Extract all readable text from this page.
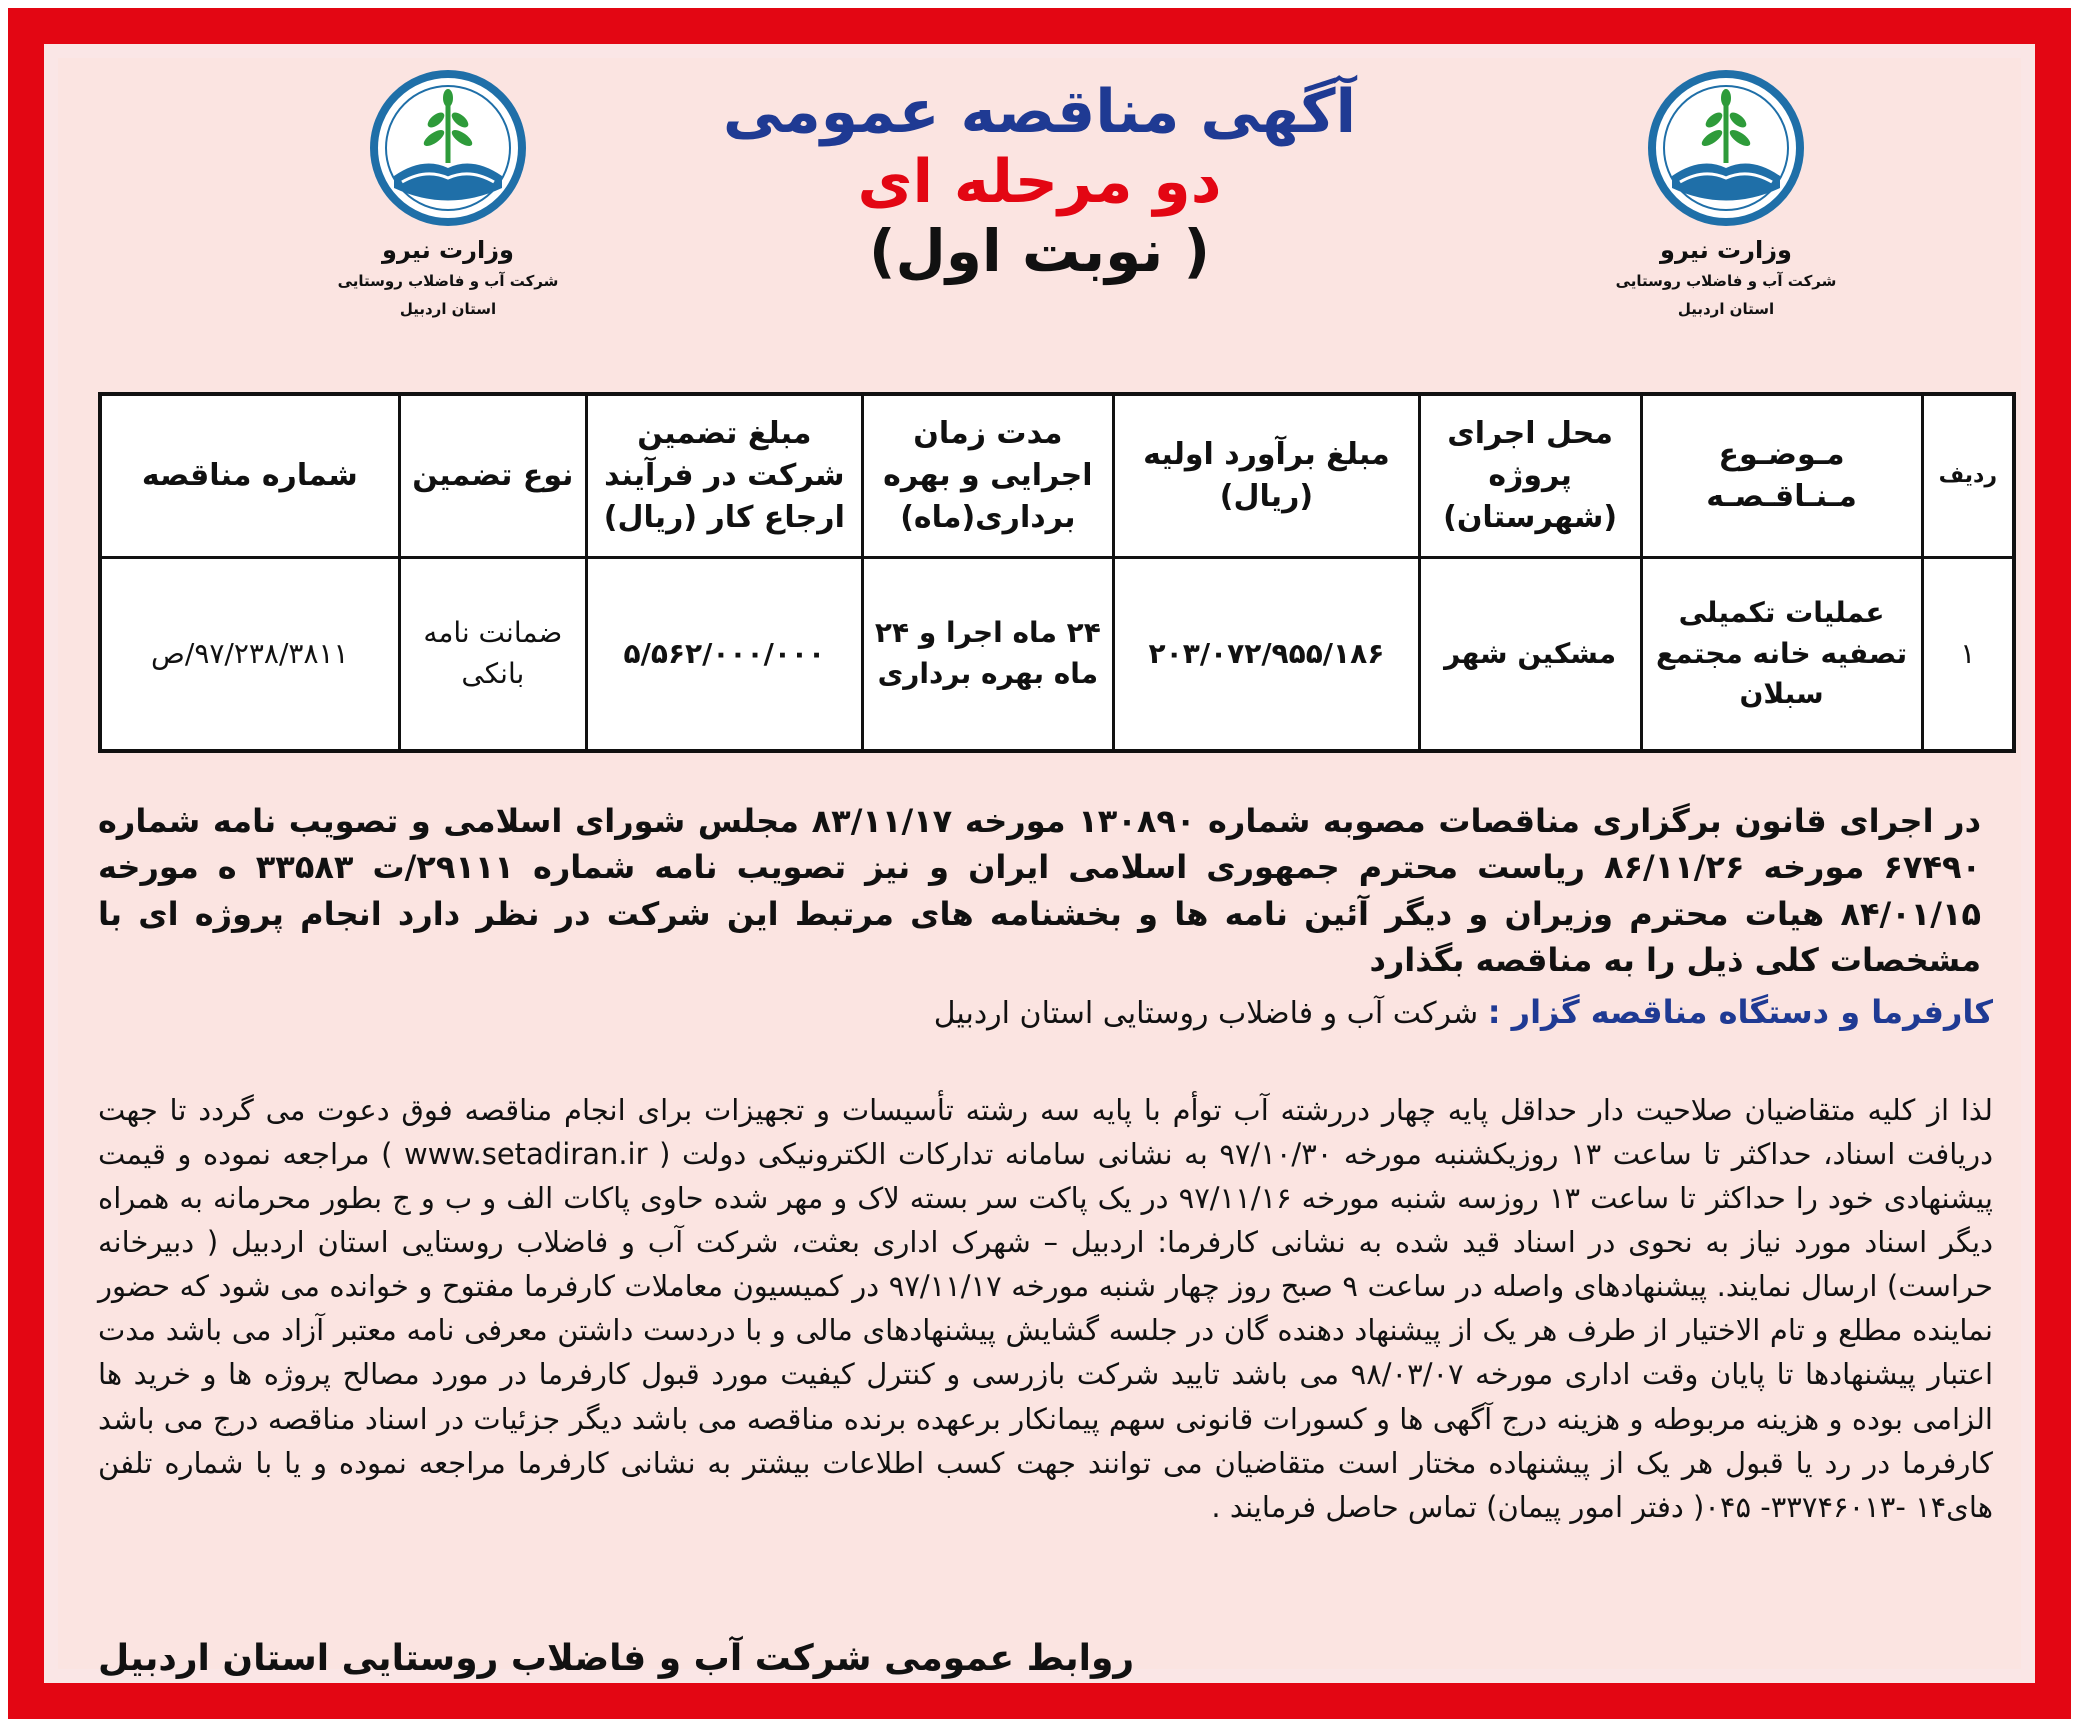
وزارت نیرو
شرکت آب و فاضلاب روستایی
استان اردبیل
وزارت نیرو
شرکت آب و فاضلاب روستایی
استان اردبیل
آگهی مناقصه عمومی
دو مرحله ای
( نوبت اول)
ردیف	مـوضـوع مـنـاقـصـه	محل اجرای پروژه (شهرستان)	مبلغ برآورد اولیه (ریال)	مدت زمان اجرایی و بهره برداری(ماه)	مبلغ تضمین شرکت در فرآیند ارجاع کار (ریال)	نوع تضمین	شماره مناقصه
۱	عملیات تکمیلی تصفیه خانه مجتمع سبلان	مشکین شهر	۲۰۳/۰۷۲/۹۵۵/۱۸۶	۲۴ ماه اجرا و ۲۴ ماه بهره برداری	۵/۵۶۲/۰۰۰/۰۰۰	ضمانت نامه بانکی	۹۷/۲۳۸/۳۸۱۱/ص
در اجرای قانون برگزاری مناقصات مصوبه شماره ۱۳۰۸۹۰ مورخه ۸۳/۱۱/۱۷ مجلس شورای اسلامی و تصویب نامه شماره ۶۷۴۹۰ مورخه ۸۶/۱۱/۲۶ ریاست محترم جمهوری اسلامی ایران و نیز تصویب نامه شماره ۲۹۱۱۱/ت ۳۳۵۸۳ ه مورخه ۸۴/۰۱/۱۵ هیات محترم وزیران و دیگر آئین نامه ها و بخشنامه های مرتبط این شرکت در نظر دارد انجام پروژه ای با مشخصات کلی ذیل را به مناقصه بگذارد
کارفرما و دستگاه مناقصه گزار : شرکت آب و فاضلاب روستایی استان اردبیل
لذا از کلیه متقاضیان صلاحیت دار حداقل پایه چهار دررشته آب توأم با پایه سه رشته تأسیسات و تجهیزات برای انجام مناقصه فوق دعوت می گردد تا جهت دریافت اسناد، حداکثر تا ساعت ۱۳ روزیکشنبه مورخه ۹۷/۱۰/۳۰ به نشانی سامانه تدارکات الکترونیکی دولت ( www.setadiran.ir ) مراجعه نموده و قیمت پیشنهادی خود را حداکثر تا ساعت ۱۳ روزسه شنبه مورخه ۹۷/۱۱/۱۶ در یک پاکت سر بسته لاک و مهر شده حاوی پاکات الف و ب و ج بطور محرمانه به همراه دیگر اسناد مورد نیاز به نحوی در اسناد قید شده به نشانی کارفرما: اردبیل – شهرک اداری بعثت، شرکت آب و فاضلاب روستایی استان اردبیل ( دبیرخانه حراست) ارسال نمایند. پیشنهادهای واصله در ساعت ۹ صبح روز چهار شنبه مورخه ۹۷/۱۱/۱۷ در کمیسیون معاملات کارفرما مفتوح و خوانده می شود که حضور نماینده مطلع و تام الاختیار از طرف هر یک از پیشنهاد دهنده گان در جلسه گشایش پیشنهادهای مالی و با دردست داشتن معرفی نامه معتبر آزاد می باشد مدت اعتبار پیشنهادها تا پایان وقت اداری مورخه ۹۸/۰۳/۰۷ می باشد تایید شرکت بازرسی و کنترل کیفیت مورد قبول کارفرما در مورد مصالح پروژه ها و خرید ها الزامی بوده و هزینه مربوطه و هزینه درج آگهی ها و کسورات قانونی سهم پیمانکار برعهده برنده مناقصه می باشد دیگر جزئیات در اسناد مناقصه درج می باشد کارفرما در رد یا قبول هر یک از پیشنهاده مختار است متقاضیان می توانند جهت کسب اطلاعات بیشتر به نشانی کارفرما مراجعه نموده و یا با شماره تلفن های۱۴ -۳۳۷۴۶۰۱۳- ۰۴۵( دفتر امور پیمان) تماس حاصل فرمایند .
روابط عمومی شرکت آب و فاضلاب روستایی استان اردبیل
